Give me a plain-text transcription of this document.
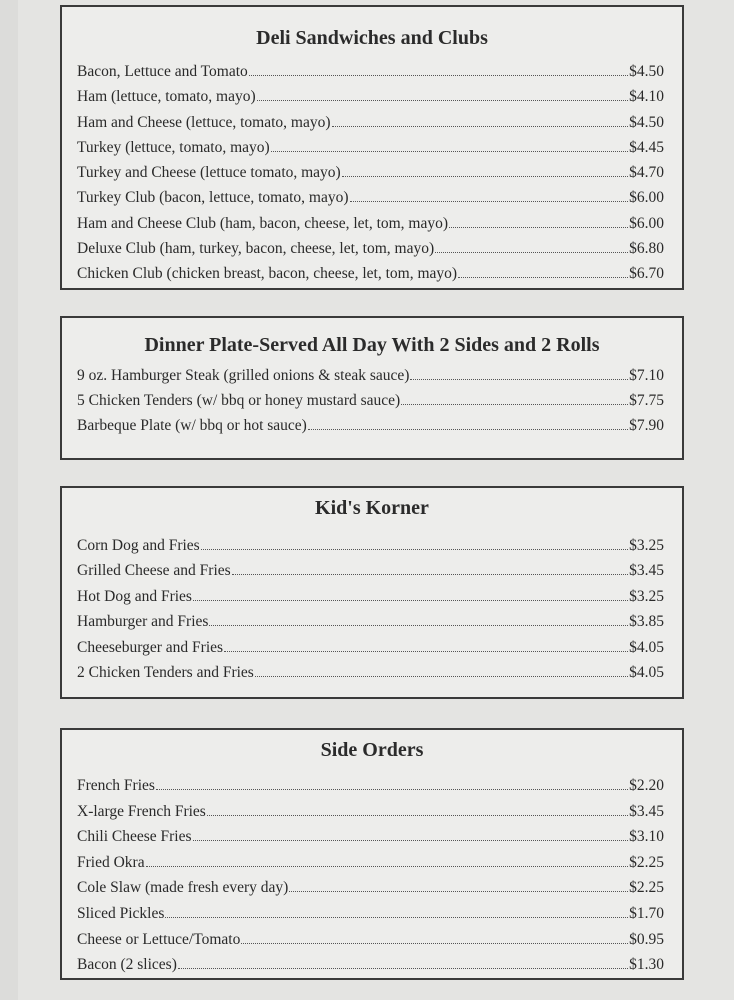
Deli Sandwiches and Clubs
Bacon, Lettuce and Tomato	$4.50
Ham (lettuce, tomato, mayo)	$4.10
Ham and Cheese (lettuce, tomato, mayo)	$4.50
Turkey (lettuce, tomato, mayo)	$4.45
Turkey and Cheese (lettuce tomato, mayo)	$4.70
Turkey Club (bacon, lettuce, tomato, mayo)	$6.00
Ham and Cheese Club (ham, bacon, cheese, let, tom, mayo)	$6.00
Deluxe Club (ham, turkey, bacon, cheese, let, tom, mayo)	$6.80
Chicken Club (chicken breast, bacon, cheese, let, tom, mayo)	$6.70
Dinner Plate-Served All Day With 2 Sides and 2 Rolls
9 oz. Hamburger Steak (grilled onions & steak sauce)	$7.10
5 Chicken Tenders (w/ bbq or honey mustard sauce)	$7.75
Barbeque Plate (w/ bbq or hot sauce)	$7.90
Kid's Korner
Corn Dog and Fries	$3.25
Grilled Cheese and Fries	$3.45
Hot Dog and Fries	$3.25
Hamburger and Fries	$3.85
Cheeseburger and Fries	$4.05
2 Chicken Tenders and Fries	$4.05
Side Orders
French Fries	$2.20
X-large French Fries	$3.45
Chili Cheese Fries	$3.10
Fried Okra	$2.25
Cole Slaw (made fresh every day)	$2.25
Sliced Pickles	$1.70
Cheese or Lettuce/Tomato	$0.95
Bacon (2 slices)	$1.30
